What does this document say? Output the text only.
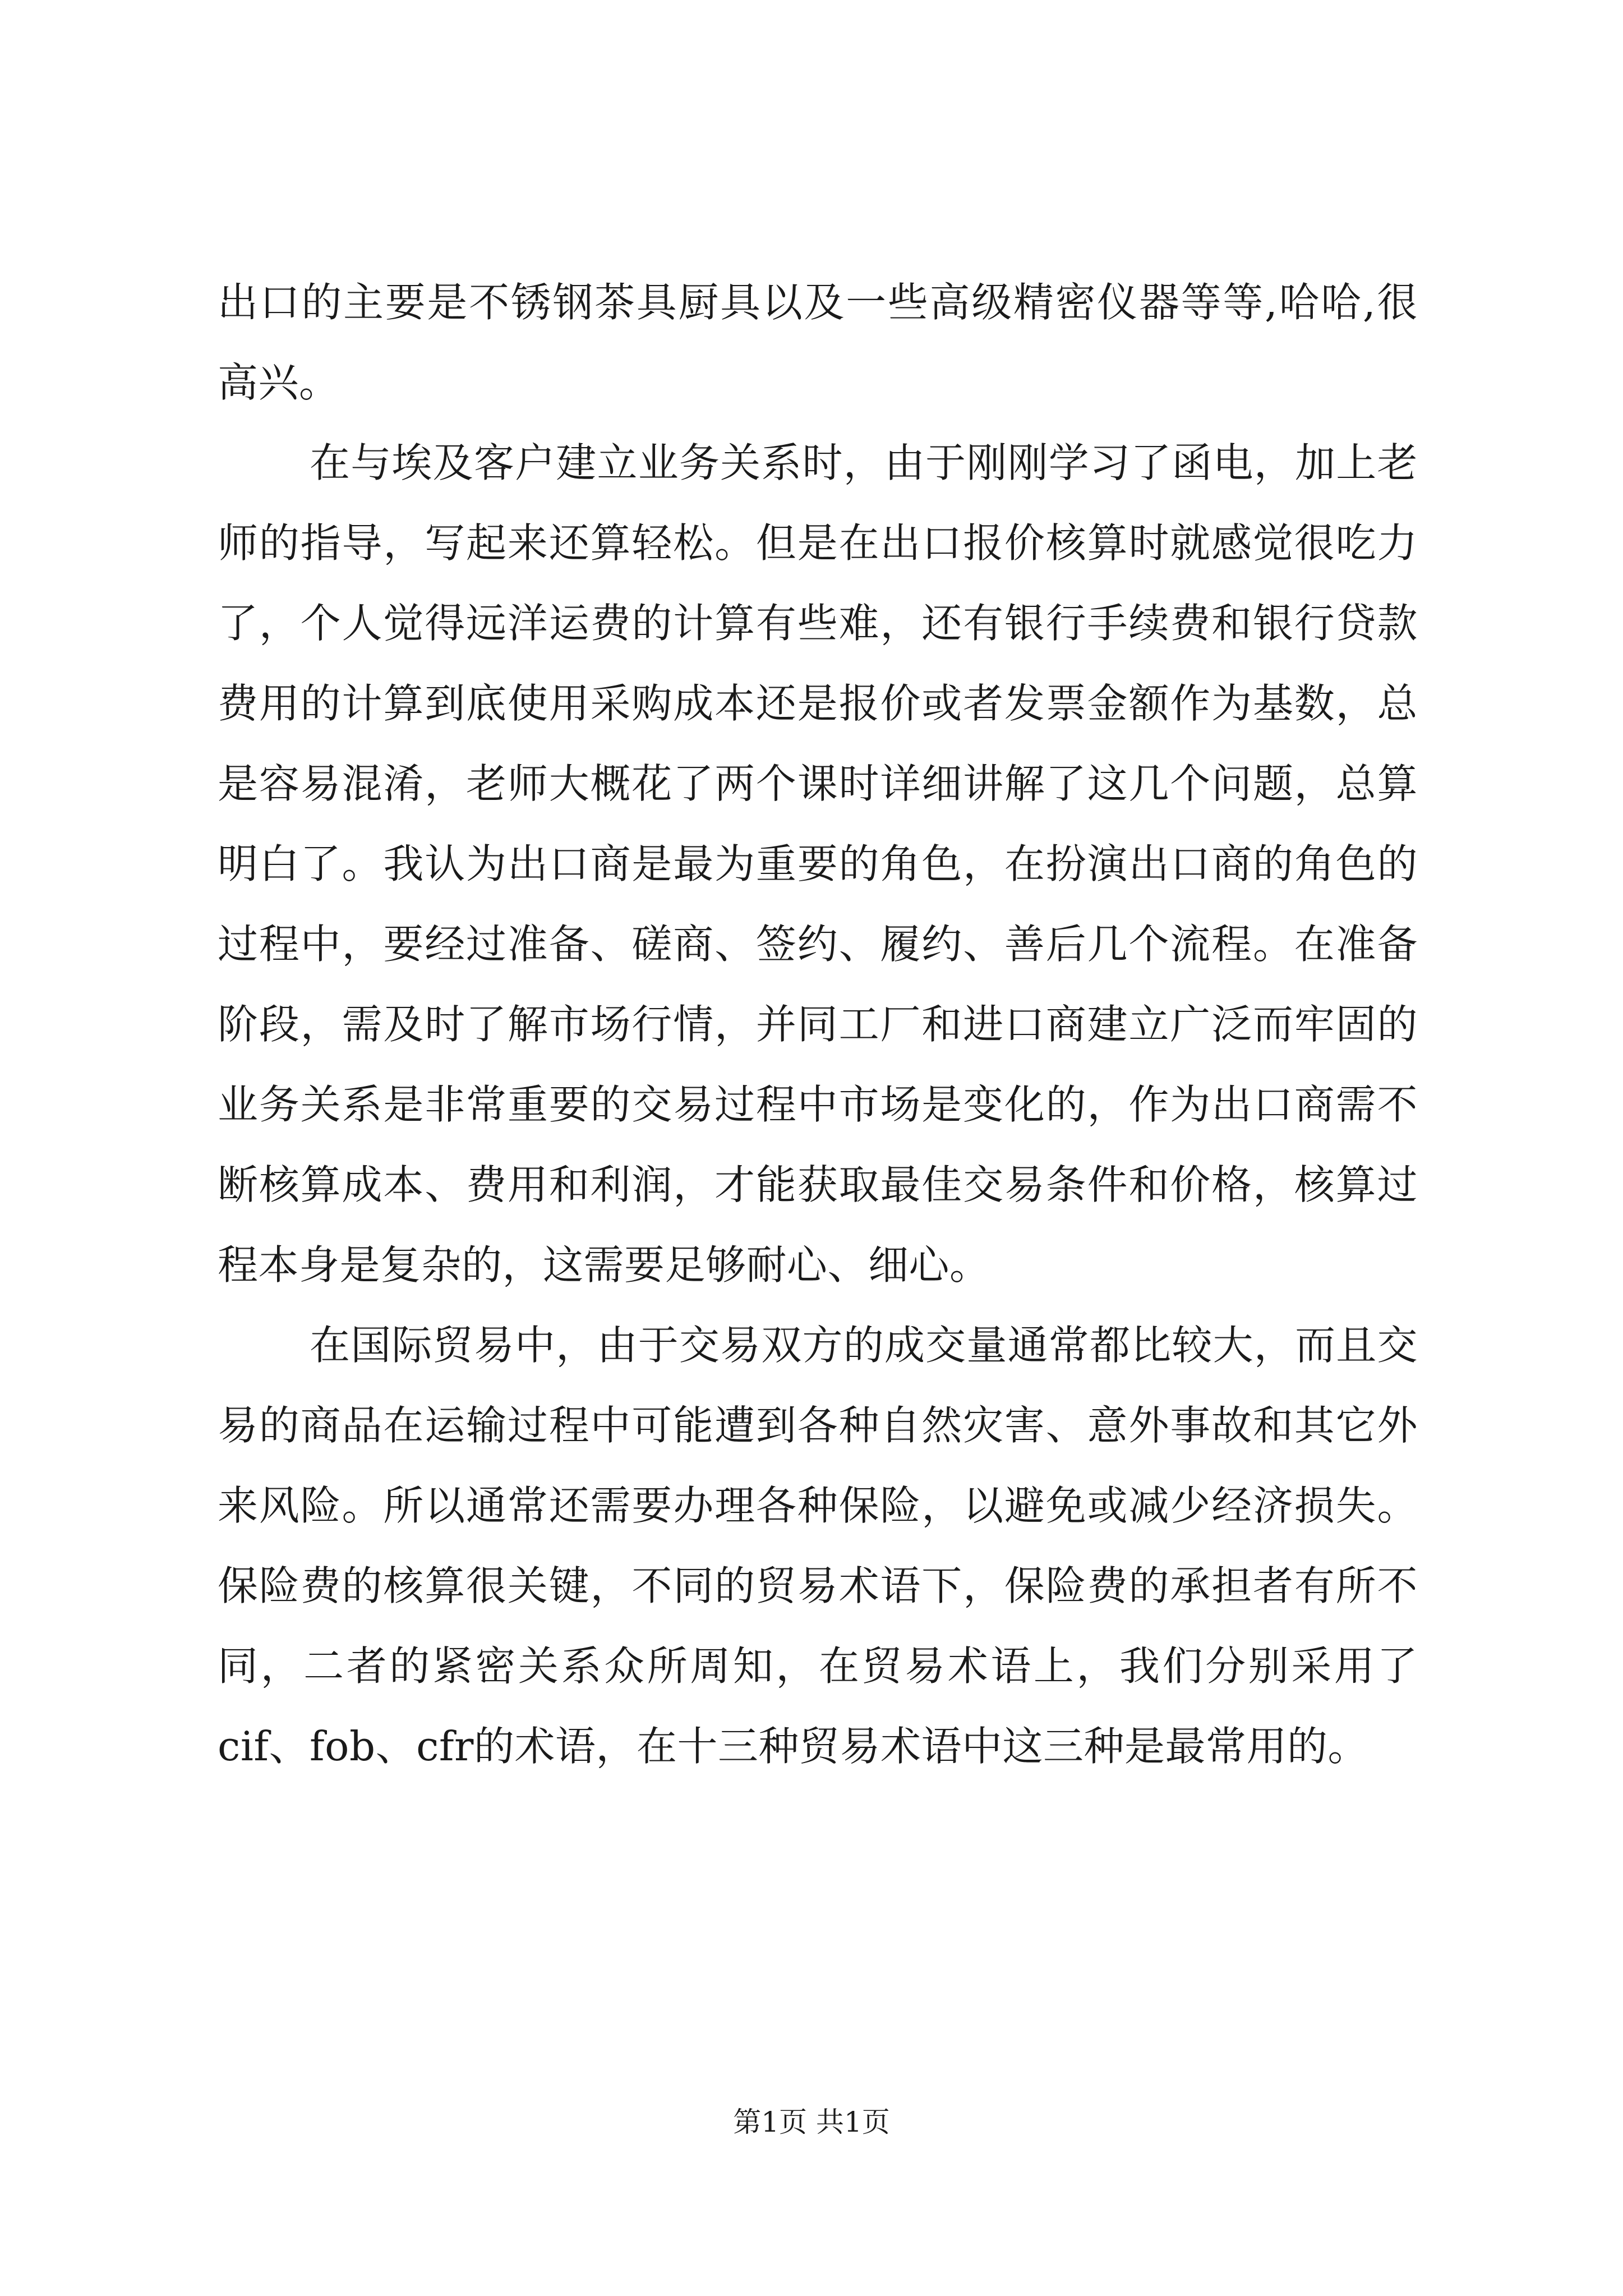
出口的主要是不锈钢茶具厨具以及一些高级精密仪器等等,哈哈,很高兴。

在与埃及客户建立业务关系时，由于刚刚学习了函电，加上老师的指导，写起来还算轻松。但是在出口报价核算时就感觉很吃力了，个人觉得远洋运费的计算有些难，还有银行手续费和银行贷款费用的计算到底使用采购成本还是报价或者发票金额作为基数，总是容易混淆，老师大概花了两个课时详细讲解了这几个问题，总算明白了。我认为出口商是最为重要的角色，在扮演出口商的角色的过程中，要经过准备、磋商、签约、履约、善后几个流程。在准备阶段，需及时了解市场行情，并同工厂和进口商建立广泛而牢固的业务关系是非常重要的交易过程中市场是变化的，作为出口商需不断核算成本、费用和利润，才能获取最佳交易条件和价格，核算过程本身是复杂的，这需要足够耐心、细心。

在国际贸易中，由于交易双方的成交量通常都比较大，而且交易的商品在运输过程中可能遭到各种自然灾害、意外事故和其它外来风险。所以通常还需要办理各种保险，以避免或减少经济损失。保险费的核算很关键，不同的贸易术语下，保险费的承担者有所不同，二者的紧密关系众所周知，在贸易术语上，我们分别采用了cif、fob、cfr的术语，在十三种贸易术语中这三种是最常用的。

第1页 共1页
